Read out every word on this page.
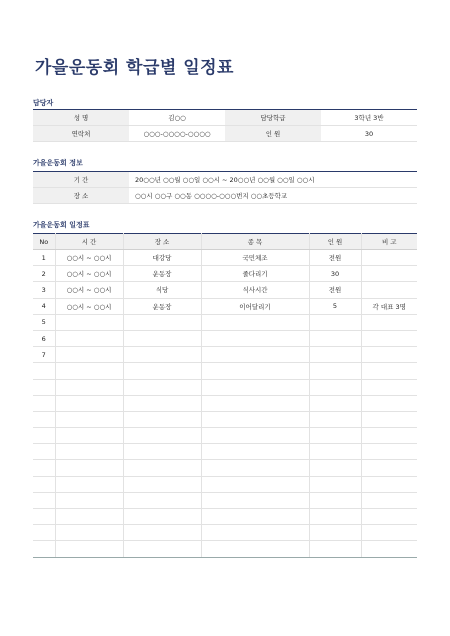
가을운동회 학급별 일정표
담당자
성 명	김○○	담당학급	3학년 3반
연락처	○○○-○○○○-○○○○	인 원	30
가을운동회 정보
기 간	20○○년 ○○월 ○○일 ○○시 ~ 20○○년 ○○월 ○○일 ○○시
장 소	○○시 ○○구 ○○동 ○○○○-○○○번지 ○○초등학교
가을운동회 일정표
No	시 간	장 소	종 목	인 원	비 고
1	○○시 ~ ○○시	대강당	국민체조	전원	
2	○○시 ~ ○○시	운동장	줄다리기	30	
3	○○시 ~ ○○시	식당	식사시간	전원	
4	○○시 ~ ○○시	운동장	이어달리기	5	각 대표 3명
5					
6					
7					
